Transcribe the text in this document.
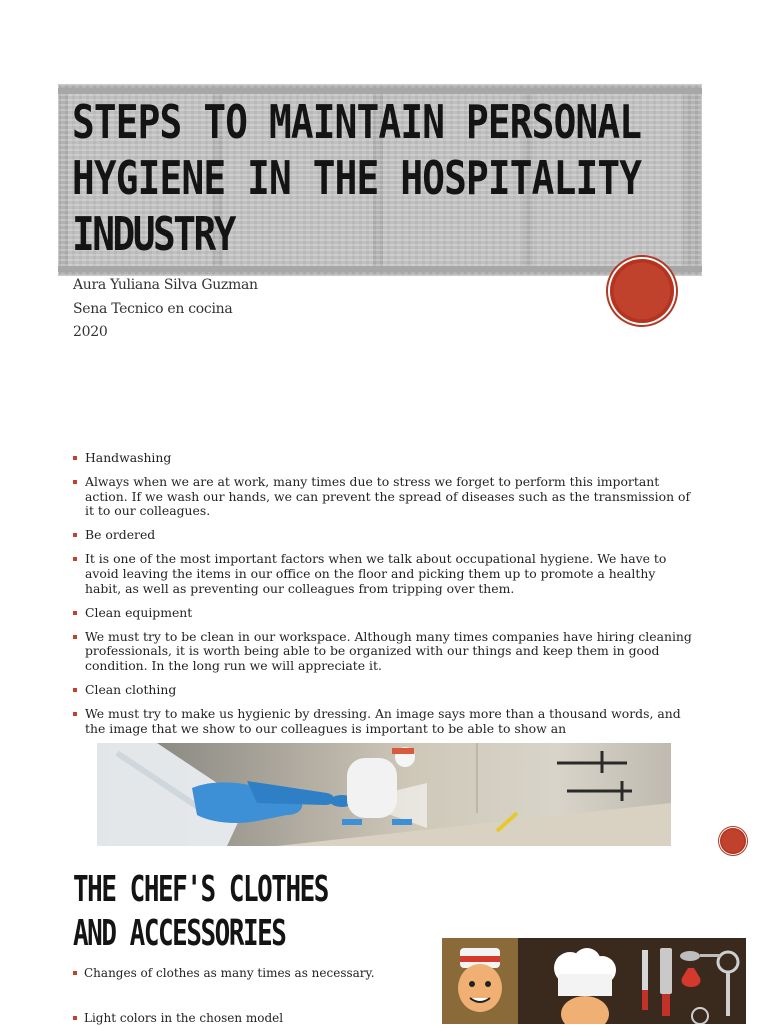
STEPS TO MAINTAIN PERSONAL
HYGIENE IN THE HOSPITALITY
INDUSTRY
Aura Yuliana Silva Guzman
Sena Tecnico en cocina
2020
Handwashing
Always when we are at work, many times due to stress we forget to perform this important action. If we wash our hands, we can prevent the spread of diseases such as the transmission of it to our colleagues.
Be ordered
It is one of the most important factors when we talk about occupational hygiene. We have to avoid leaving the items in our office on the floor and picking them up to promote a healthy habit, as well as preventing our colleagues from tripping over them.
Clean equipment
We must try to be clean in our workspace. Although many times companies have hiring cleaning professionals, it is worth being able to be organized with our things and keep them in good condition. In the long run we will appreciate it.
Clean clothing
We must try to make us hygienic by dressing. An image says more than a thousand words, and the image that we show to our colleagues is important to be able to show an
THE CHEF'S CLOTHES
AND ACCESSORIES
Changes of clothes as many times as necessary.
Light colors in the chosen model
